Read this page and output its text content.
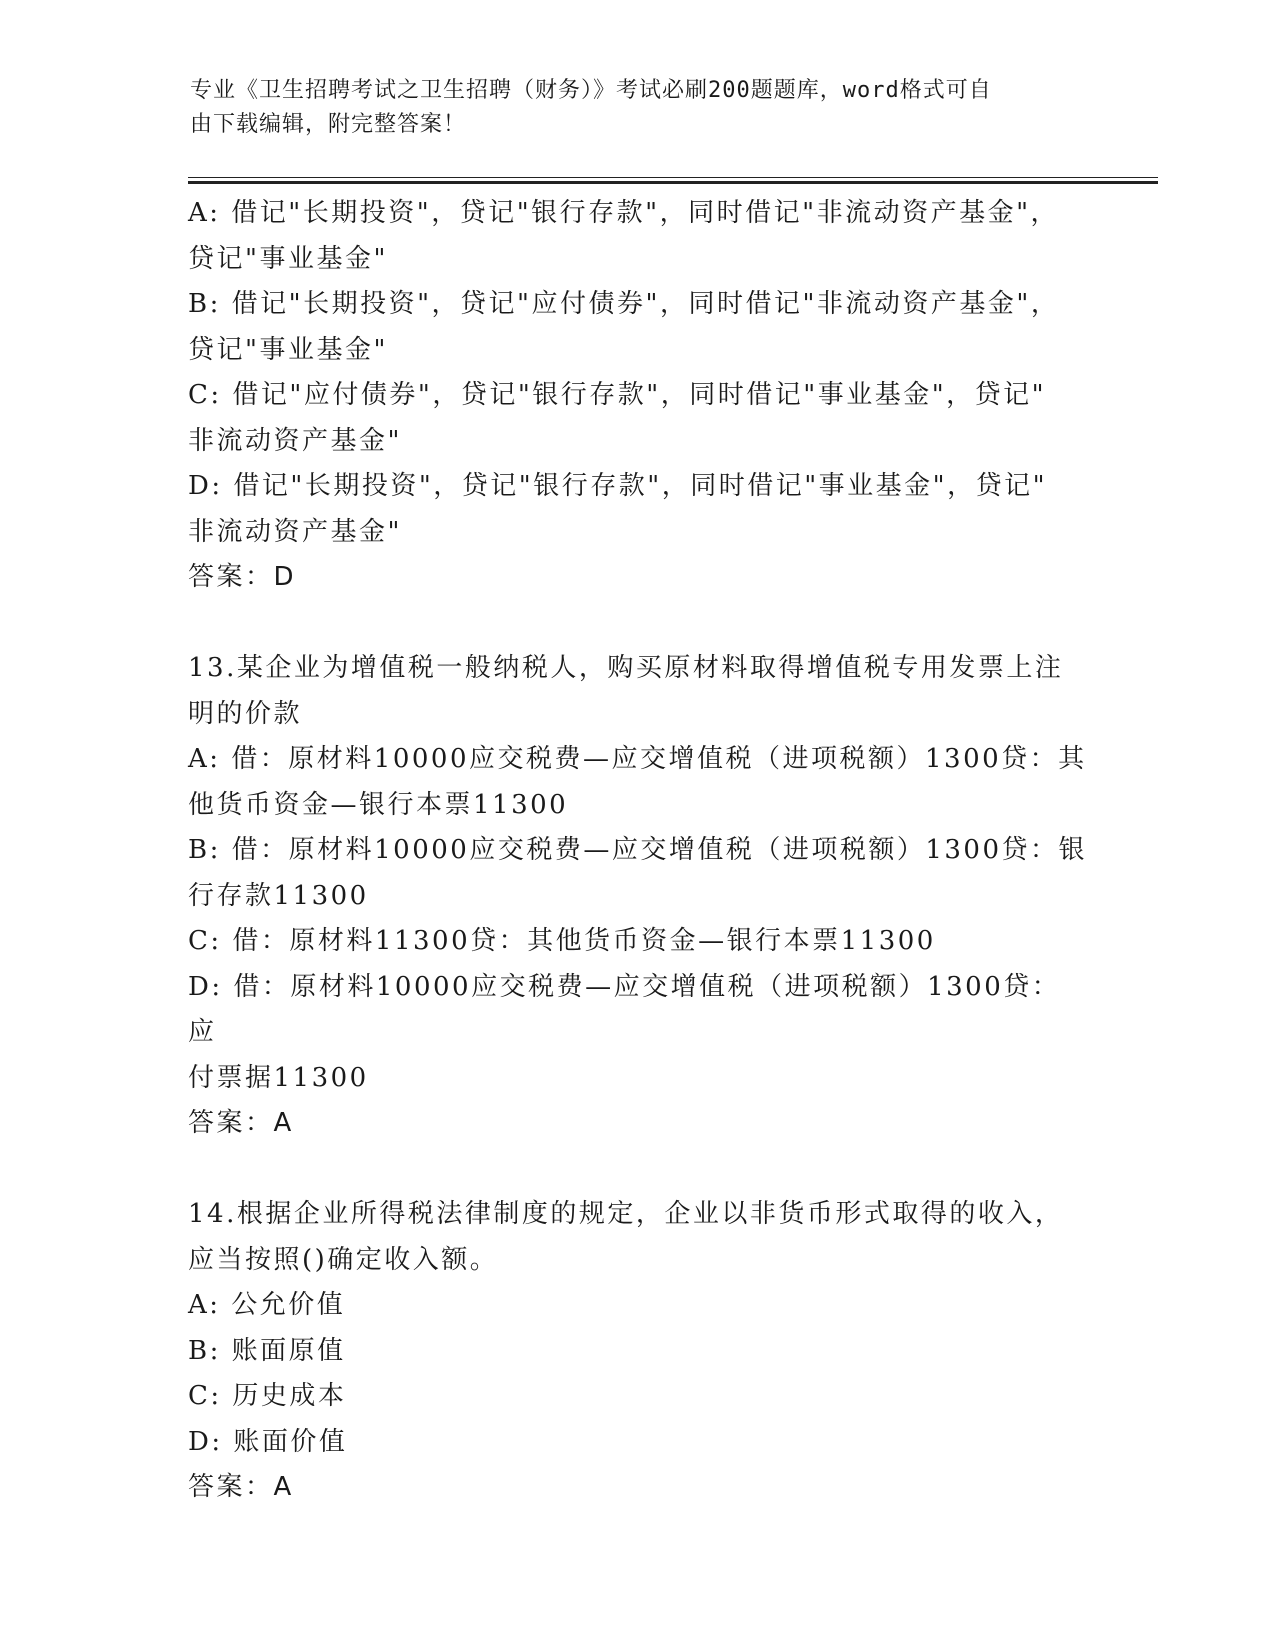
专业《卫生招聘考试之卫生招聘（财务）》考试必刷200题题库，word格式可自
由下载编辑，附完整答案！
A: 借记"长期投资"，贷记"银行存款"，同时借记"非流动资产基金"，
贷记"事业基金"
B: 借记"长期投资"，贷记"应付债券"，同时借记"非流动资产基金"，
贷记"事业基金"
C: 借记"应付债券"，贷记"银行存款"，同时借记"事业基金"，贷记"
非流动资产基金"
D: 借记"长期投资"，贷记"银行存款"，同时借记"事业基金"，贷记"
非流动资产基金"
答案：D
13.某企业为增值税一般纳税人，购买原材料取得增值税专用发票上注
明的价款
A: 借：原材料10000应交税费—应交增值税（进项税额）1300贷：其
他货币资金—银行本票11300
B: 借：原材料10000应交税费—应交增值税（进项税额）1300贷：银
行存款11300
C: 借：原材料11300贷：其他货币资金—银行本票11300
D: 借：原材料10000应交税费—应交增值税（进项税额）1300贷：应
付票据11300
答案：A
14.根据企业所得税法律制度的规定，企业以非货币形式取得的收入，
应当按照()确定收入额。
A: 公允价值
B: 账面原值
C: 历史成本
D: 账面价值
答案：A
